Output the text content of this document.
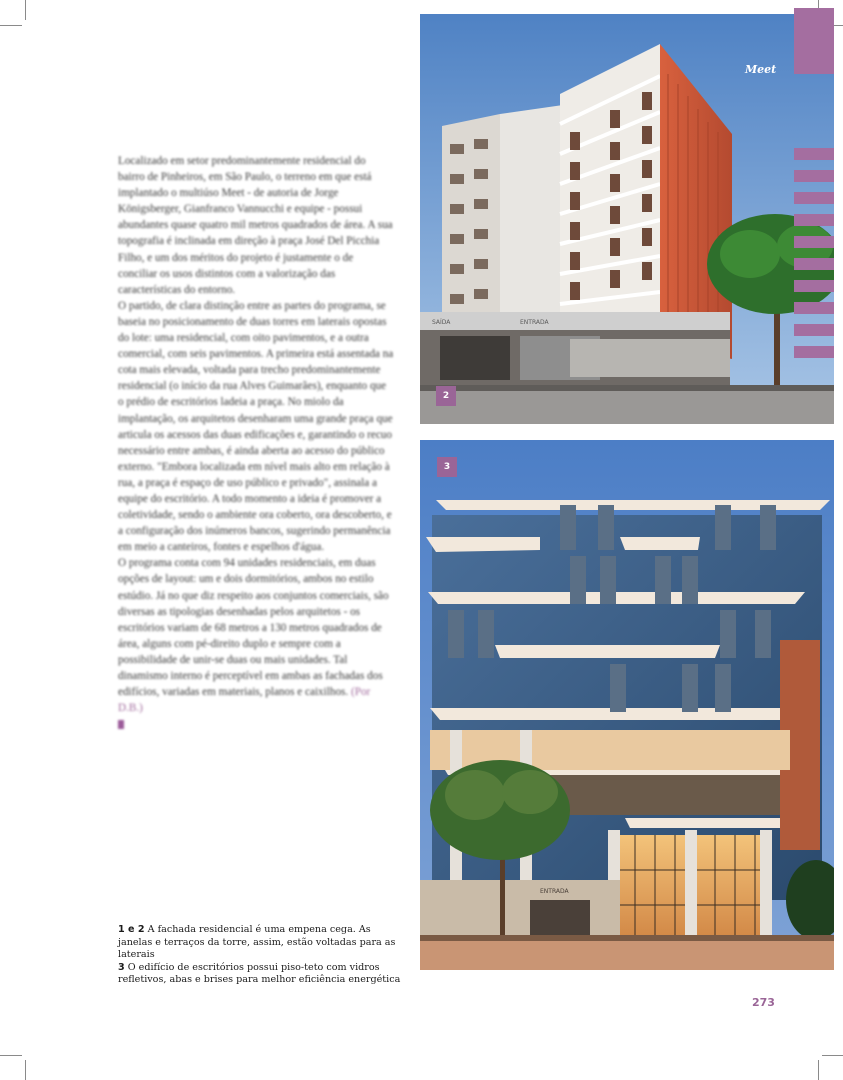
Localizado em setor predominantemente residencial do bairro de Pinheiros, em São Paulo, o terreno em que está implantado o multiúso Meet - de autoria de Jorge Königsberger, Gianfranco Vannucchi e equipe - possui abundantes quase quatro mil metros quadrados de área. A sua topografia é inclinada em direção à praça José Del Picchia Filho, e um dos méritos do projeto é justamente o de conciliar os usos distintos com a valorização das características do entorno.
O partido, de clara distinção entre as partes do programa, se baseia no posicionamento de duas torres em laterais opostas do lote: uma residencial, com oito pavimentos, e a outra comercial, com seis pavimentos. A primeira está assentada na cota mais elevada, voltada para trecho predominantemente residencial (o início da rua Alves Guimarães), enquanto que o prédio de escritórios ladeia a praça. No miolo da implantação, os arquitetos desenharam uma grande praça que articula os acessos das duas edificações e, garantindo o recuo necessário entre ambas, é ainda aberta ao acesso do público externo. "Embora localizada em nível mais alto em relação à rua, a praça é espaço de uso público e privado", assinala a equipe do escritório. A todo momento a ideia é promover a coletividade, sendo o ambiente ora coberto, ora descoberto, e a configuração dos inúmeros bancos, sugerindo permanência em meio a canteiros, fontes e espelhos d'água.
O programa conta com 94 unidades residenciais, em duas opções de layout: um e dois dormitórios, ambos no estilo estúdio. Já no que diz respeito aos conjuntos comerciais, são diversas as tipologias desenhadas pelos arquitetos - os escritórios variam de 68 metros a 130 metros quadrados de área, alguns com pé-direito duplo e sempre com a possibilidade de unir-se duas ou mais unidades. Tal dinamismo interno é perceptível em ambas as fachadas dos edifícios, variadas em materiais, planos e caixilhos. (Por D.B.)
SAÍDA	ENTRADA
2
Meet
ENTRADA
3
1 e 2 A fachada residencial é uma empena cega. As janelas e terraços da torre, assim, estão voltadas para as laterais
3 O edifício de escritórios possui piso-teto com vidros refletivos, abas e brises para melhor eficiência energética
273
